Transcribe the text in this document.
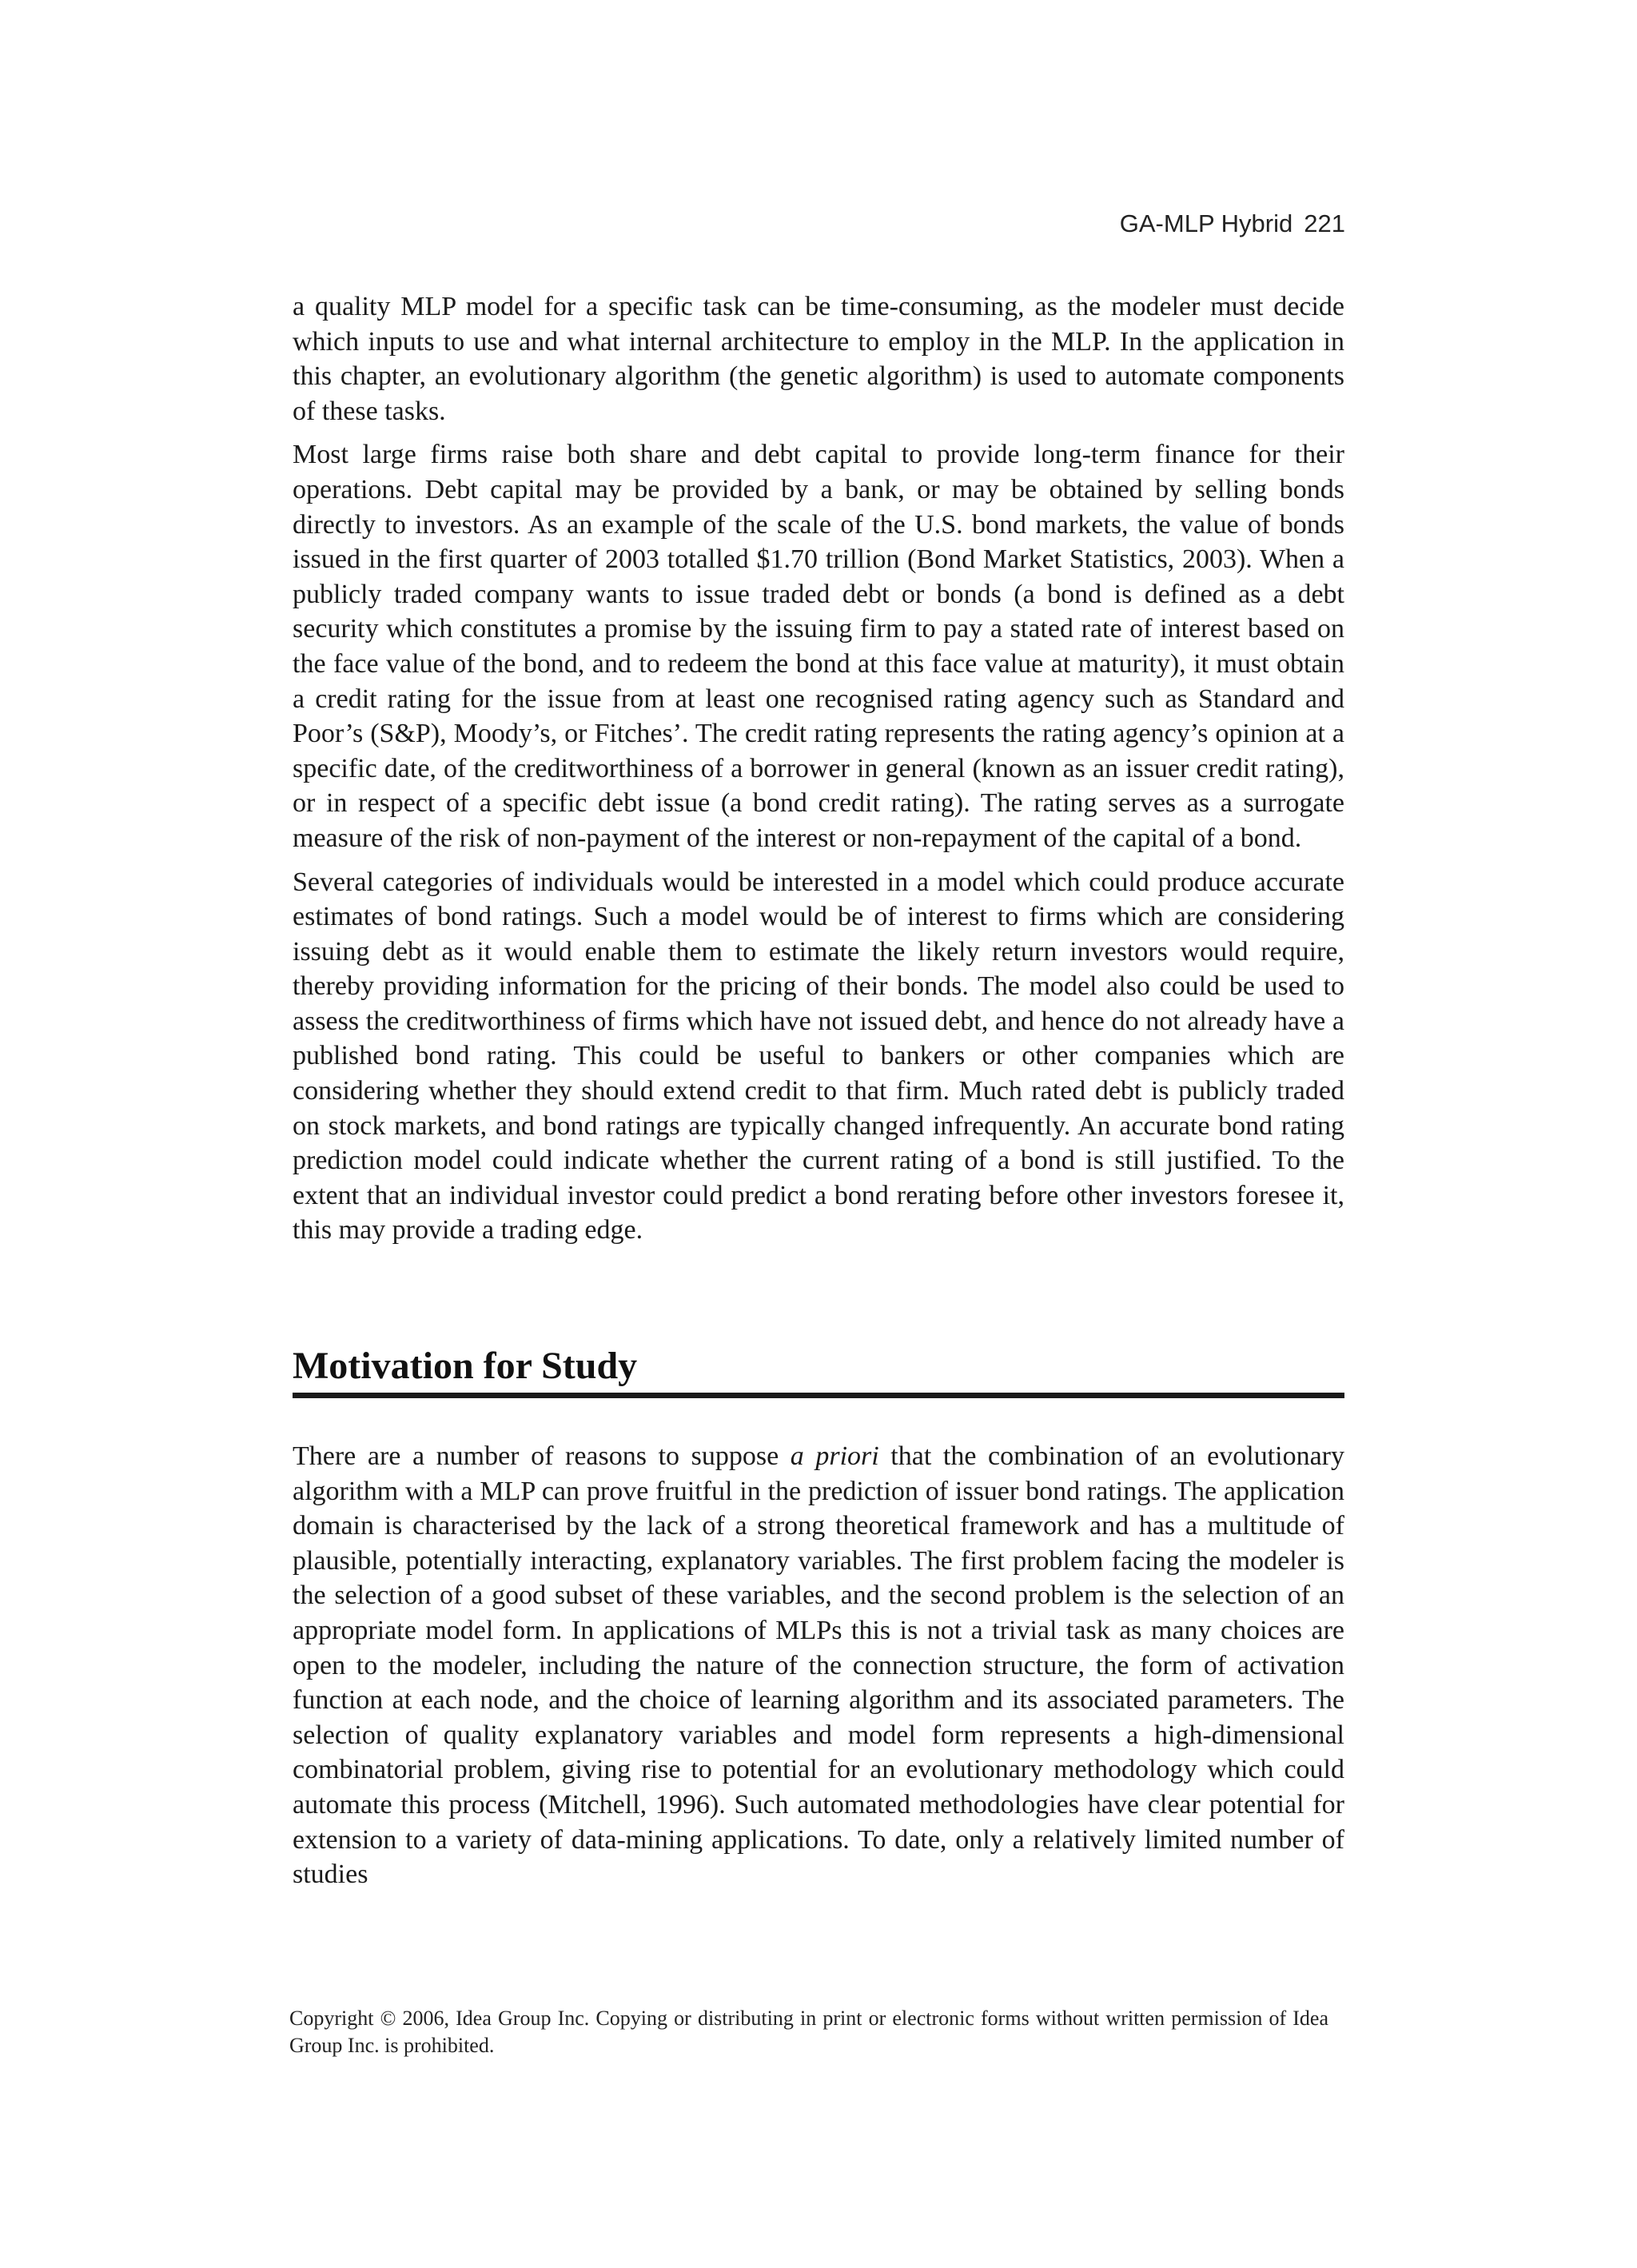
GA-MLP Hybrid 221

a quality MLP model for a specific task can be time-consuming, as the modeler must decide which inputs to use and what internal architecture to employ in the MLP. In the application in this chapter, an evolutionary algorithm (the genetic algorithm) is used to automate components of these tasks.

Most large firms raise both share and debt capital to provide long-term finance for their operations. Debt capital may be provided by a bank, or may be obtained by selling bonds directly to investors. As an example of the scale of the U.S. bond markets, the value of bonds issued in the first quarter of 2003 totalled $1.70 trillion (Bond Market Statistics, 2003). When a publicly traded company wants to issue traded debt or bonds (a bond is defined as a debt security which constitutes a promise by the issuing firm to pay a stated rate of interest based on the face value of the bond, and to redeem the bond at this face value at maturity), it must obtain a credit rating for the issue from at least one recognised rating agency such as Standard and Poor’s (S&P), Moody’s, or Fitches’. The credit rating represents the rating agency’s opinion at a specific date, of the creditworthiness of a borrower in general (known as an issuer credit rating), or in respect of a specific debt issue (a bond credit rating). The rating serves as a surrogate measure of the risk of non-payment of the interest or non-repayment of the capital of a bond.

Several categories of individuals would be interested in a model which could produce accurate estimates of bond ratings. Such a model would be of interest to firms which are considering issuing debt as it would enable them to estimate the likely return investors would require, thereby providing information for the pricing of their bonds. The model also could be used to assess the creditworthiness of firms which have not issued debt, and hence do not already have a published bond rating. This could be useful to bankers or other companies which are considering whether they should extend credit to that firm. Much rated debt is publicly traded on stock markets, and bond ratings are typically changed infrequently. An accurate bond rating prediction model could indicate whether the current rating of a bond is still justified. To the extent that an individual investor could predict a bond rerating before other investors foresee it, this may provide a trading edge.

Motivation for Study

There are a number of reasons to suppose a priori that the combination of an evolutionary algorithm with a MLP can prove fruitful in the prediction of issuer bond ratings. The application domain is characterised by the lack of a strong theoretical framework and has a multitude of plausible, potentially interacting, explanatory variables. The first problem facing the modeler is the selection of a good subset of these variables, and the second problem is the selection of an appropriate model form. In applications of MLPs this is not a trivial task as many choices are open to the modeler, including the nature of the connection structure, the form of activation function at each node, and the choice of learning algorithm and its associated parameters. The selection of quality explanatory variables and model form represents a high-dimensional combinatorial problem, giving rise to potential for an evolutionary methodology which could automate this process (Mitchell, 1996). Such automated methodologies have clear potential for extension to a variety of data-mining applications. To date, only a relatively limited number of studies

Copyright © 2006, Idea Group Inc. Copying or distributing in print or electronic forms without written permission of Idea Group Inc. is prohibited.
